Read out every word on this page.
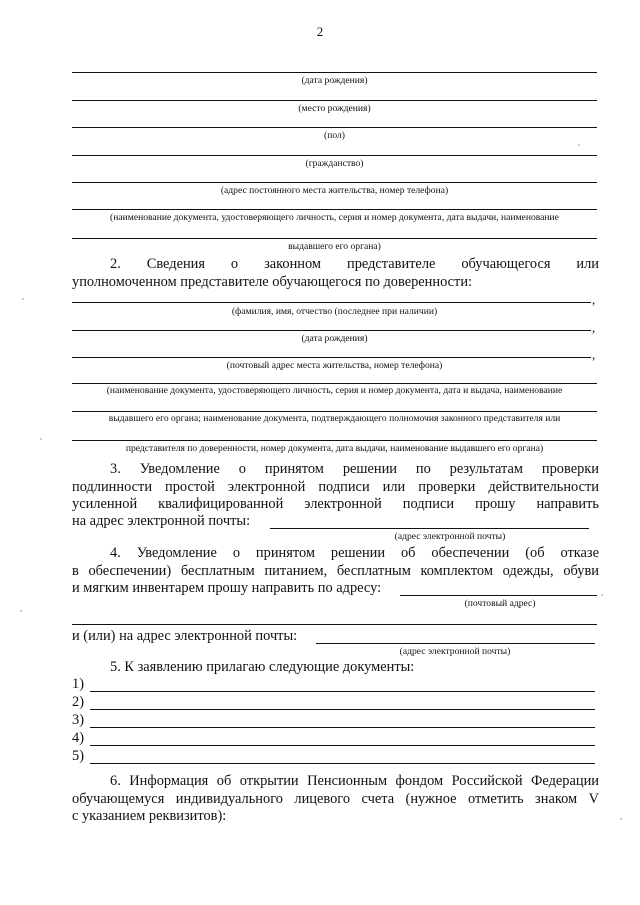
2
(дата рождения)
(место рождения)
(пол)
(гражданство)
(адрес постоянного места жительства, номер телефона)
(наименование документа, удостоверяющего личность, серия и номер документа, дата выдачи, наименование
выдавшего его органа)
2. Сведения о законном представителе обучающегося или
уполномоченном представителе обучающегося по доверенности:
,
(фамилия, имя, отчество (последнее при наличии)
,
(дата рождения)
,
(почтовый адрес места жительства, номер телефона)
(наименование документа, удостоверяющего личность, серия и номер документа, дата и выдача, наименование
выдавшего его органа; наименование документа, подтверждающего полномочия законного представителя или
представителя по доверенности, номер документа, дата выдачи, наименование выдавшего его органа)
3. Уведомление о принятом решении по результатам проверки
подлинности простой электронной подписи или проверки действительности
усиленной квалифицированной электронной подписи прошу направить
на адрес электронной почты:
(адрес электронной почты)
4. Уведомление о принятом решении об обеспечении (об отказе
в обеспечении) бесплатным питанием, бесплатным комплектом одежды, обуви
и мягким инвентарем прошу направить по адресу:
(почтовый адрес)
и (или) на адрес электронной почты:
(адрес электронной почты)
5. К заявлению прилагаю следующие документы:
1)
2)
3)
4)
5)
6. Информация об открытии Пенсионным фондом Российской Федерации
обучающемуся индивидуального лицевого счета (нужное отметить знаком V
с указанием реквизитов):
